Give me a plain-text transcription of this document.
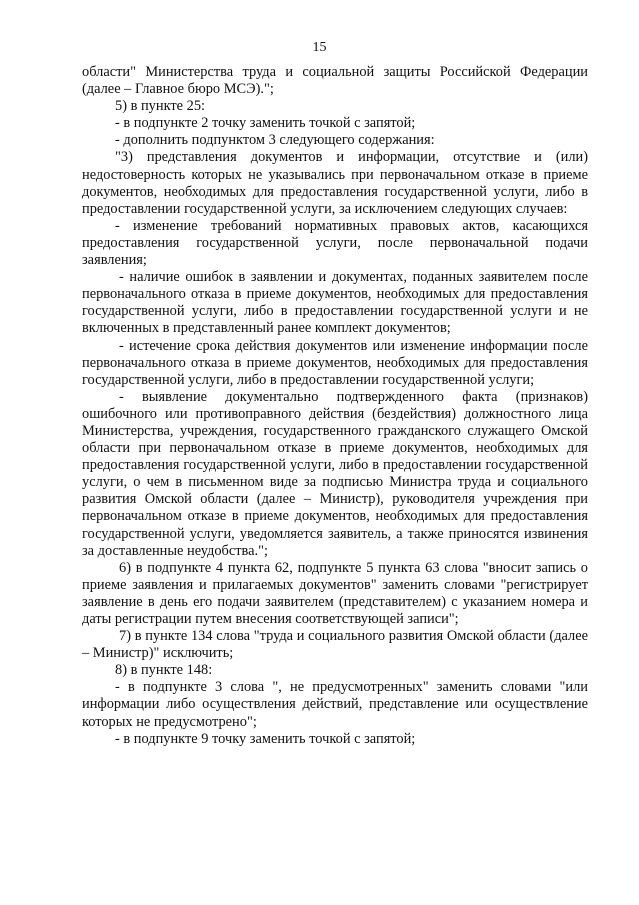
15

области" Министерства труда и социальной защиты Российской Федерации (далее – Главное бюро МСЭ).";

5) в пункте 25:

- в подпункте 2 точку заменить точкой с запятой;

- дополнить подпунктом 3 следующего содержания:

"3) представления документов и информации, отсутствие и (или) недостоверность которых не указывались при первоначальном отказе в приеме документов, необходимых для предоставления государственной услуги, либо в предоставлении государственной услуги, за исключением следующих случаев:

- изменение требований нормативных правовых актов, касающихся предоставления государственной услуги, после первоначальной подачи заявления;

- наличие ошибок в заявлении и документах, поданных заявителем после первоначального отказа в приеме документов, необходимых для предоставления государственной услуги, либо в предоставлении государственной услуги и не включенных в представленный ранее комплект документов;

- истечение срока действия документов или изменение информации после первоначального отказа в приеме документов, необходимых для предоставления государственной услуги, либо в предоставлении государственной услуги;

- выявление документально подтвержденного факта (признаков) ошибочного или противоправного действия (бездействия) должностного лица Министерства, учреждения, государственного гражданского служащего Омской области при первоначальном отказе в приеме документов, необходимых для предоставления государственной услуги, либо в предоставлении государственной услуги, о чем в письменном виде за подписью Министра труда и социального развития Омской области (далее – Министр), руководителя учреждения при первоначальном отказе в приеме документов, необходимых для предоставления государственной услуги, уведомляется заявитель, а также приносятся извинения за доставленные неудобства.";

6) в подпункте 4 пункта 62, подпункте 5 пункта 63 слова "вносит запись о приеме заявления и прилагаемых документов" заменить словами "регистрирует заявление в день его подачи заявителем (представителем) с указанием номера и даты регистрации путем внесения соответствующей записи";

7) в пункте 134 слова "труда и социального развития Омской области (далее – Министр)" исключить;

8) в пункте 148:

- в подпункте 3 слова ", не предусмотренных" заменить словами "или информации либо осуществления действий, представление или осуществление которых не предусмотрено";

- в подпункте 9 точку заменить точкой с запятой;
